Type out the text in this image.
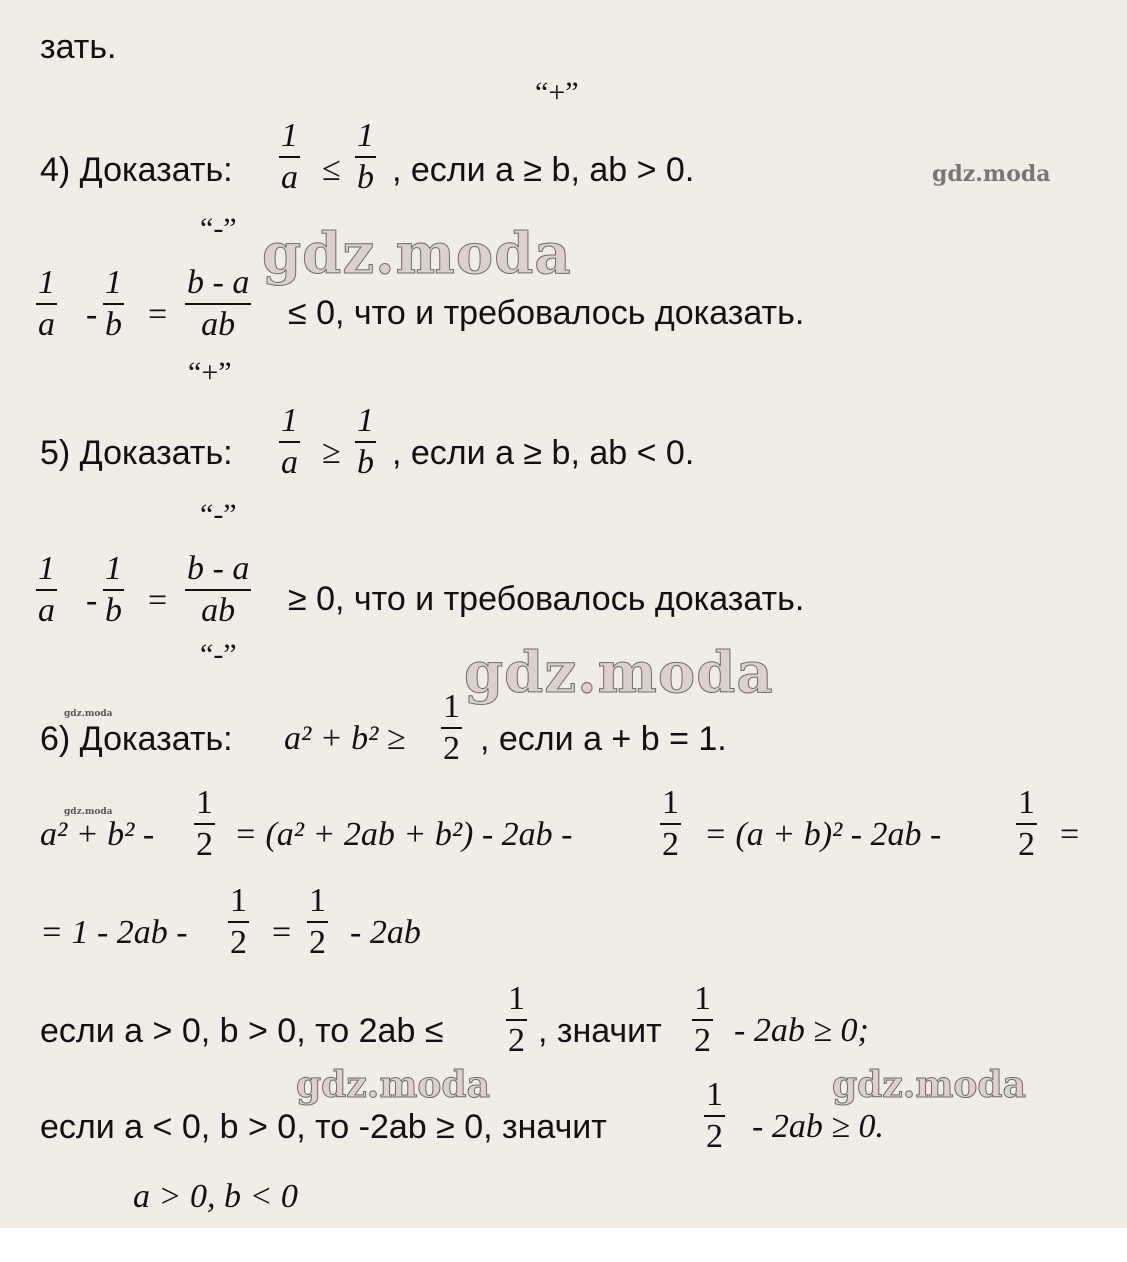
зать.
gdz.moda
gdz.moda
gdz.moda
gdz.moda
gdz.moda
gdz.moda	gdz.moda
“+”
4) Доказать:
1
a ≤
1
b , если a ≥ b, ab > 0.
“-”
1
a -
1
b =
b - a
ab	≤ 0, что и требовалось доказать.
“+”
5) Доказать:
1
a ≥
1
b , если a ≥ b, ab < 0.
“-”
1
a -
1
b =
b - a
ab	≥ 0, что и требовалось доказать.
“-”
6) Доказать: a² + b² ≥
1
2 , если a + b = 1.
a² + b² -
1
2 = (a² + 2ab + b²) - 2ab -
1
2 = (a + b)² - 2ab -
1
2 =
= 1 - 2ab -
1
2 =
1
2 - 2ab
если a > 0, b > 0, то 2ab ≤
1
2 , значит
1
2 - 2ab ≥ 0;
если a < 0, b > 0, то -2ab ≥ 0, значит
1
2 - 2ab ≥ 0.
a > 0, b < 0
